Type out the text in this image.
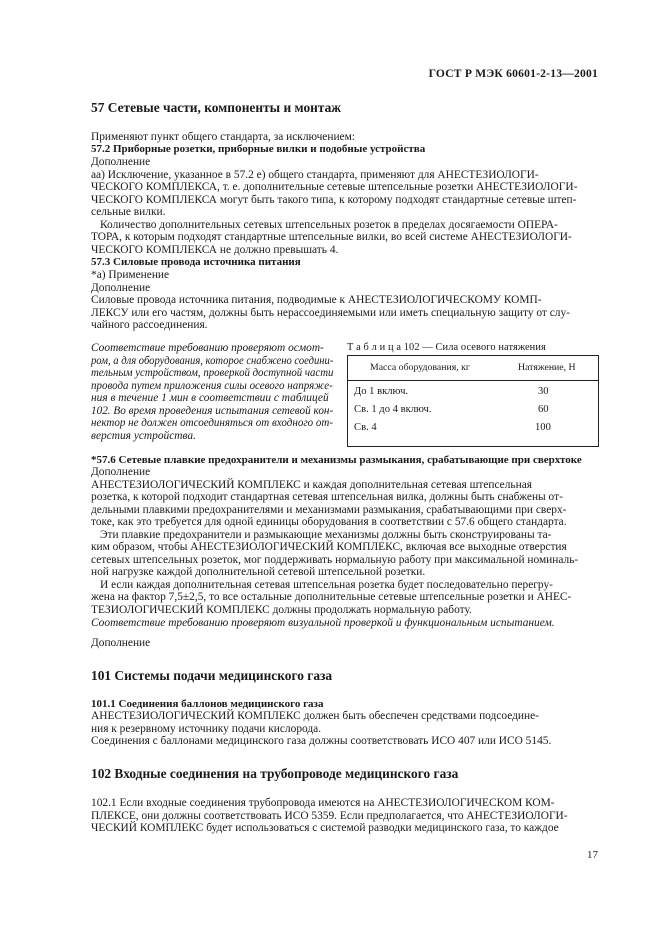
ГОСТ Р МЭК 60601-2-13—2001
57 Сетевые части, компоненты и монтаж

Применяют пункт общего стандарта, за исключением:

57.2 Приборные розетки, приборные вилки и подобные устройства

Дополнение

аа) Исключение, указанное в 57.2 е) общего стандарта, применяют для АНЕСТЕЗИОЛОГИ-

ЧЕСКОГО КОМПЛЕКСА, т. е. дополнительные сетевые штепсельные розетки АНЕСТЕЗИОЛОГИ-

ЧЕСКОГО КОМПЛЕКСА могут быть такого типа, к которому подходят стандартные сетевые штеп-

сельные вилки.

Количество дополнительных сетевых штепсельных розеток в пределах досягаемости ОПЕРА-

ТОРА, к которым подходят стандартные штепсельные вилки, во всей системе АНЕСТЕЗИОЛОГИ-

ЧЕСКОГО КОМПЛЕКСА не должно превышать 4.

57.3 Силовые провода источника питания

*а) Применение

Дополнение

Силовые провода источника питания, подводимые к АНЕСТЕЗИОЛОГИЧЕСКОМУ КОМП-

ЛЕКСУ или его частям, должны быть нерассоединяемыми или иметь специальную защиту от слу-

чайного рассоединения.

Соответствие требованию проверяют осмот-

ром, а для оборудования, которое снабжено соедини-

тельным устройством, проверкой доступной части

провода путем приложения силы осевого напряже-

ния в течение 1 мин в соответствии с таблицей

102. Во время проведения испытания сетевой кон-

нектор не должен отсоединяться от входного от-

верстия устройства.

Т а б л и ц а 102 — Сила осевого натяжения
Масса оборудования, кг	Натяжение, Н
До 1 включ.	30
Св. 1 до 4 включ.	60
Св. 4	100

*57.6 Сетевые плавкие предохранители и механизмы размыкания, срабатывающие при сверхтоке

Дополнение

АНЕСТЕЗИОЛОГИЧЕСКИЙ КОМПЛЕКС и каждая дополнительная сетевая штепсельная

розетка, к которой подходит стандартная сетевая штепсельная вилка, должны быть снабжены от-

дельными плавкими предохранителями и механизмами размыкания, срабатывающими при сверх-

токе, как это требуется для одной единицы оборудования в соответствии с 57.6 общего стандарта.

Эти плавкие предохранители и размыкающие механизмы должны быть сконструированы та-

ким образом, чтобы АНЕСТЕЗИОЛОГИЧЕСКИЙ КОМПЛЕКС, включая все выходные отверстия

сетевых штепсельных розеток, мог поддерживать нормальную работу при максимальной номиналь-

ной нагрузке каждой дополнительной сетевой штепсельной розетки.

И если каждая дополнительная сетевая штепсельная розетка будет последовательно перегру-

жена на фактор 7,5±2,5, то все остальные дополнительные сетевые штепсельные розетки и АНЕС-

ТЕЗИОЛОГИЧЕСКИЙ КОМПЛЕКС должны продолжать нормальную работу.

Соответствие требованию проверяют визуальной проверкой и функциональным испытанием.

Дополнение

101 Системы подачи медицинского газа

101.1 Соединения баллонов медицинского газа

АНЕСТЕЗИОЛОГИЧЕСКИЙ КОМПЛЕКС должен быть обеспечен средствами подсоедине-

ния к резервному источнику подачи кислорода.

Соединения с баллонами медицинского газа должны соответствовать ИСО 407 или ИСО 5145.

102 Входные соединения на трубопроводе медицинского газа

102.1 Если входные соединения трубопровода имеются на АНЕСТЕЗИОЛОГИЧЕСКОМ КОМ-

ПЛЕКСЕ, они должны соответствовать ИСО 5359. Если предполагается, что АНЕСТЕЗИОЛОГИ-

ЧЕСКИЙ КОМПЛЕКС будет использоваться с системой разводки медицинского газа, то каждое

17
